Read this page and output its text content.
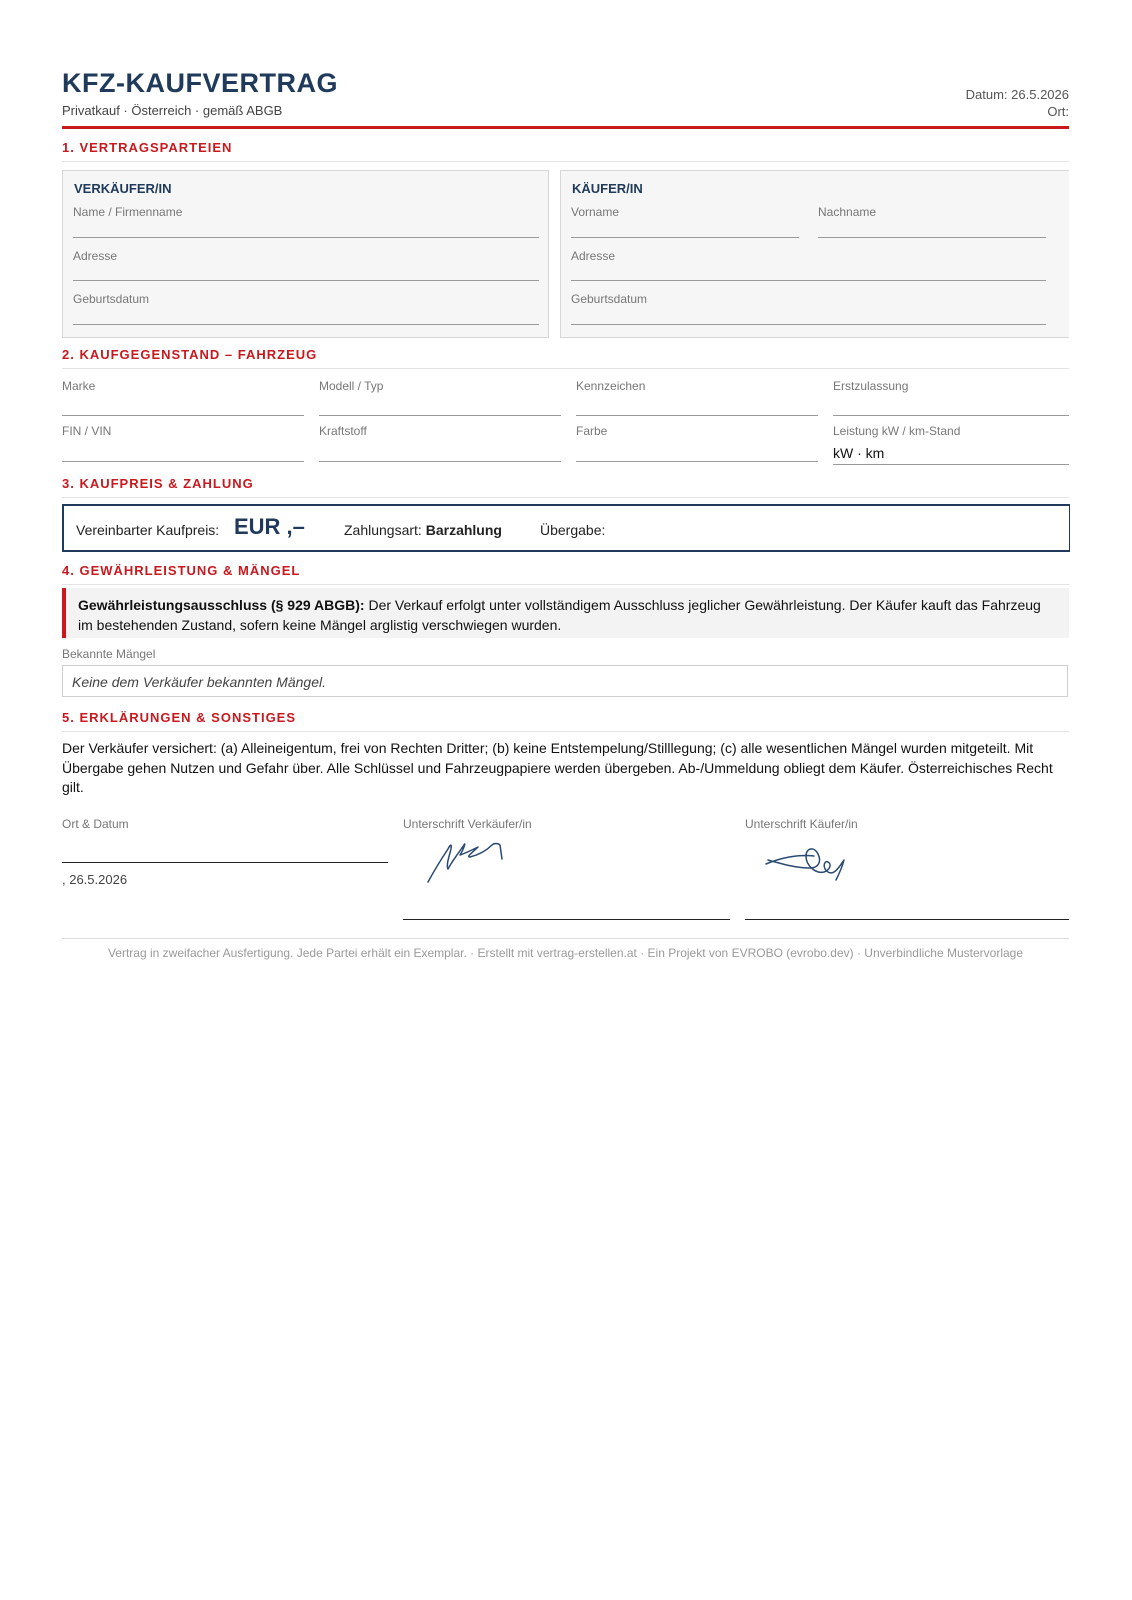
KFZ-KAUFVERTRAG
Privatkauf · Österreich · gemäß ABGB
Datum: 26.5.2026
Ort:
1. VERTRAGSPARTEIEN
VERKÄUFER/IN
Name / Firmenname
Adresse
Geburtsdatum
KÄUFER/IN
Vorname	Nachname
Adresse
Geburtsdatum
2. KAUFGEGENSTAND – FAHRZEUG
Marke	Modell / Typ	Kennzeichen	Erstzulassung
FIN / VIN	Kraftstoff	Farbe	Leistung kW / km-Stand
kW · km
3. KAUFPREIS & ZAHLUNG
Vereinbarter Kaufpreis: EUR ,–	Zahlungsart: Barzahlung	Übergabe:
4. GEWÄHRLEISTUNG & MÄNGEL
Gewährleistungsausschluss (§ 929 ABGB): Der Verkauf erfolgt unter vollständigem Ausschluss jeglicher Gewährleistung. Der Käufer kauft das Fahrzeug im bestehenden Zustand, sofern keine Mängel arglistig verschwiegen wurden.
Bekannte Mängel
Keine dem Verkäufer bekannten Mängel.
5. ERKLÄRUNGEN & SONSTIGES
Der Verkäufer versichert: (a) Alleineigentum, frei von Rechten Dritter; (b) keine Entstempelung/Stilllegung; (c) alle wesentlichen Mängel wurden mitgeteilt. Mit Übergabe gehen Nutzen und Gefahr über. Alle Schlüssel und Fahrzeugpapiere werden übergeben. Ab-/Ummeldung obliegt dem Käufer. Österreichisches Recht gilt.
Ort & Datum
, 26.5.2026
Unterschrift Verkäufer/in	Unterschrift Käufer/in
Vertrag in zweifacher Ausfertigung. Jede Partei erhält ein Exemplar. · Erstellt mit vertrag-erstellen.at · Ein Projekt von EVROBO (evrobo.dev) · Unverbindliche Mustervorlage
